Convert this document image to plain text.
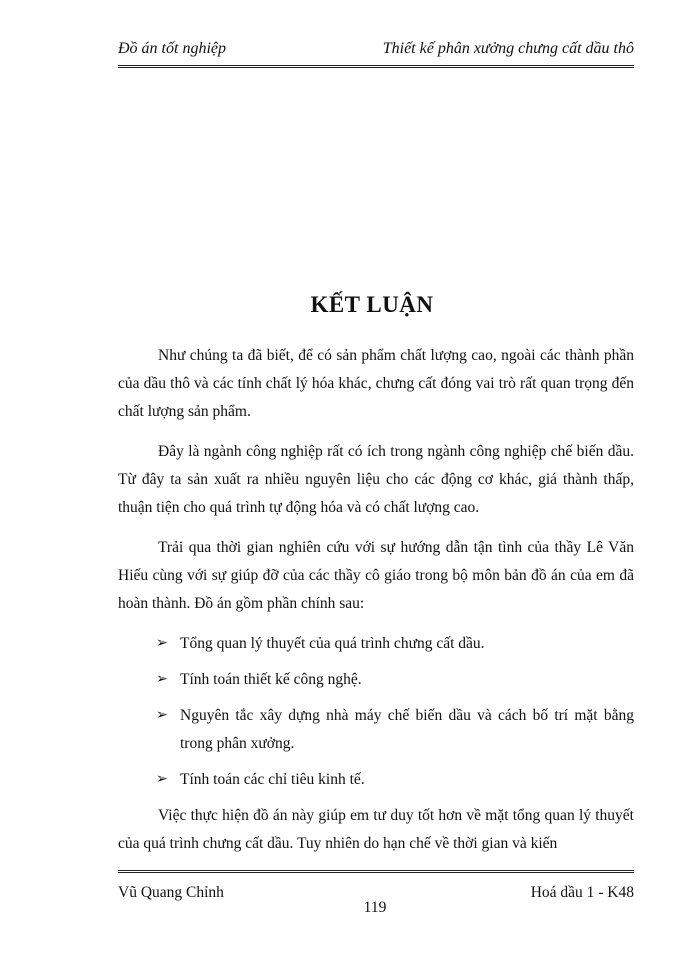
Đồ án tốt nghiệp	Thiết kế phân xưởng chưng cất dầu thô
KẾT LUẬN

Như chúng ta đã biết, để có sản phẩm chất lượng cao, ngoài các thành phần của dầu thô và các tính chất lý hóa khác, chưng cất đóng vai trò rất quan trọng đến chất lượng sản phẩm.

Đây là ngành công nghiệp rất có ích trong ngành công nghiệp chế biến dầu. Từ đây ta sản xuất ra nhiều nguyên liệu cho các động cơ khác, giá thành thấp, thuận tiện cho quá trình tự động hóa và có chất lượng cao.

Trải qua thời gian nghiên cứu với sự hướng dẫn tận tình của thầy Lê Văn Hiếu cùng với sự giúp đỡ của các thầy cô giáo trong bộ môn bản đồ án của em đã hoàn thành. Đồ án gồm phần chính sau:

➢ Tổng quan lý thuyết của quá trình chưng cất dầu.
➢ Tính toán thiết kế công nghệ.
➢ Nguyên tắc xây dựng nhà máy chế biến dầu và cách bố trí mặt bằng trong phân xưởng.
➢ Tính toán các chỉ tiêu kinh tế.

Việc thực hiện đồ án này giúp em tư duy tốt hơn về mặt tổng quan lý thuyết của quá trình chưng cất dầu. Tuy nhiên do hạn chế về thời gian và kiến

Vũ Quang Chỉnh	Hoá dầu 1 - K48
119
